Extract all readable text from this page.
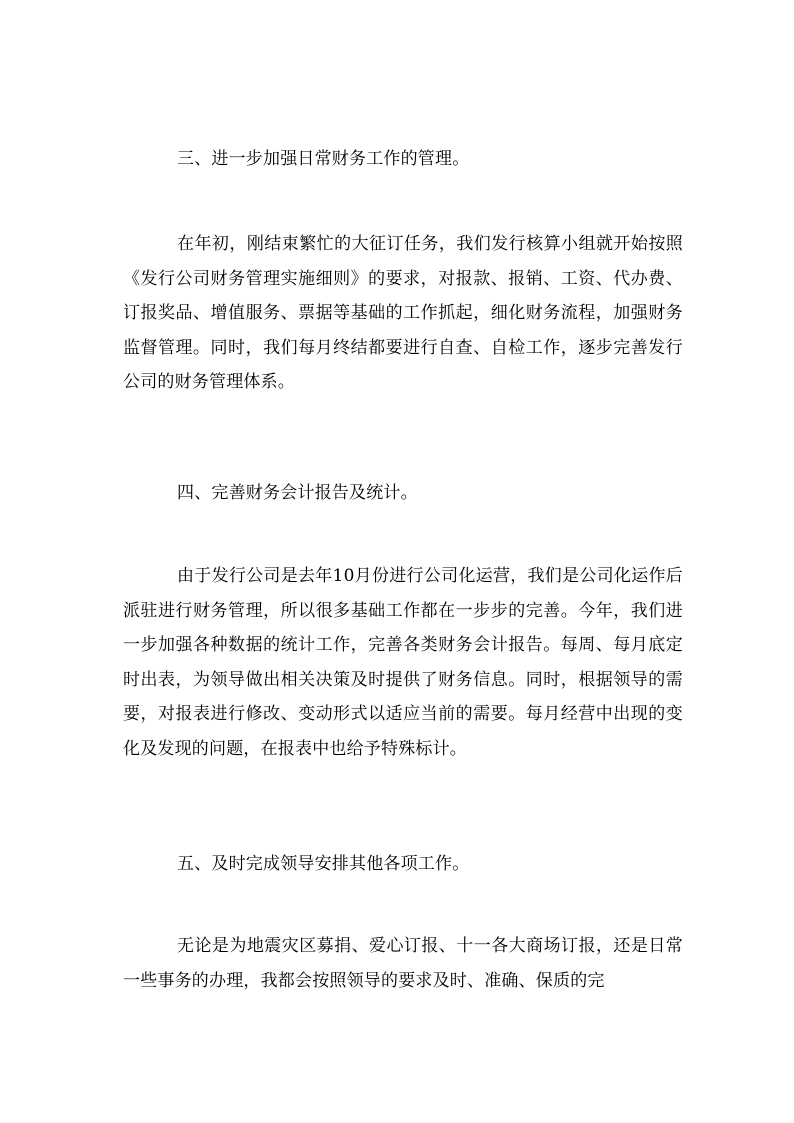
三、进一步加强日常财务工作的管理。

在年初，刚结束繁忙的大征订任务，我们发行核算小组就开始按照《发行公司财务管理实施细则》的要求，对报款、报销、工资、代办费、订报奖品、增值服务、票据等基础的工作抓起，细化财务流程，加强财务监督管理。同时，我们每月终结都要进行自查、自检工作，逐步完善发行公司的财务管理体系。

四、完善财务会计报告及统计。

由于发行公司是去年10月份进行公司化运营，我们是公司化运作后派驻进行财务管理，所以很多基础工作都在一步步的完善。今年，我们进一步加强各种数据的统计工作，完善各类财务会计报告。每周、每月底定时出表，为领导做出相关决策及时提供了财务信息。同时，根据领导的需要，对报表进行修改、变动形式以适应当前的需要。每月经营中出现的变化及发现的问题，在报表中也给予特殊标计。

五、及时完成领导安排其他各项工作。

无论是为地震灾区募捐、爱心订报、十一各大商场订报，还是日常一些事务的办理，我都会按照领导的要求及时、准确、保质的完
